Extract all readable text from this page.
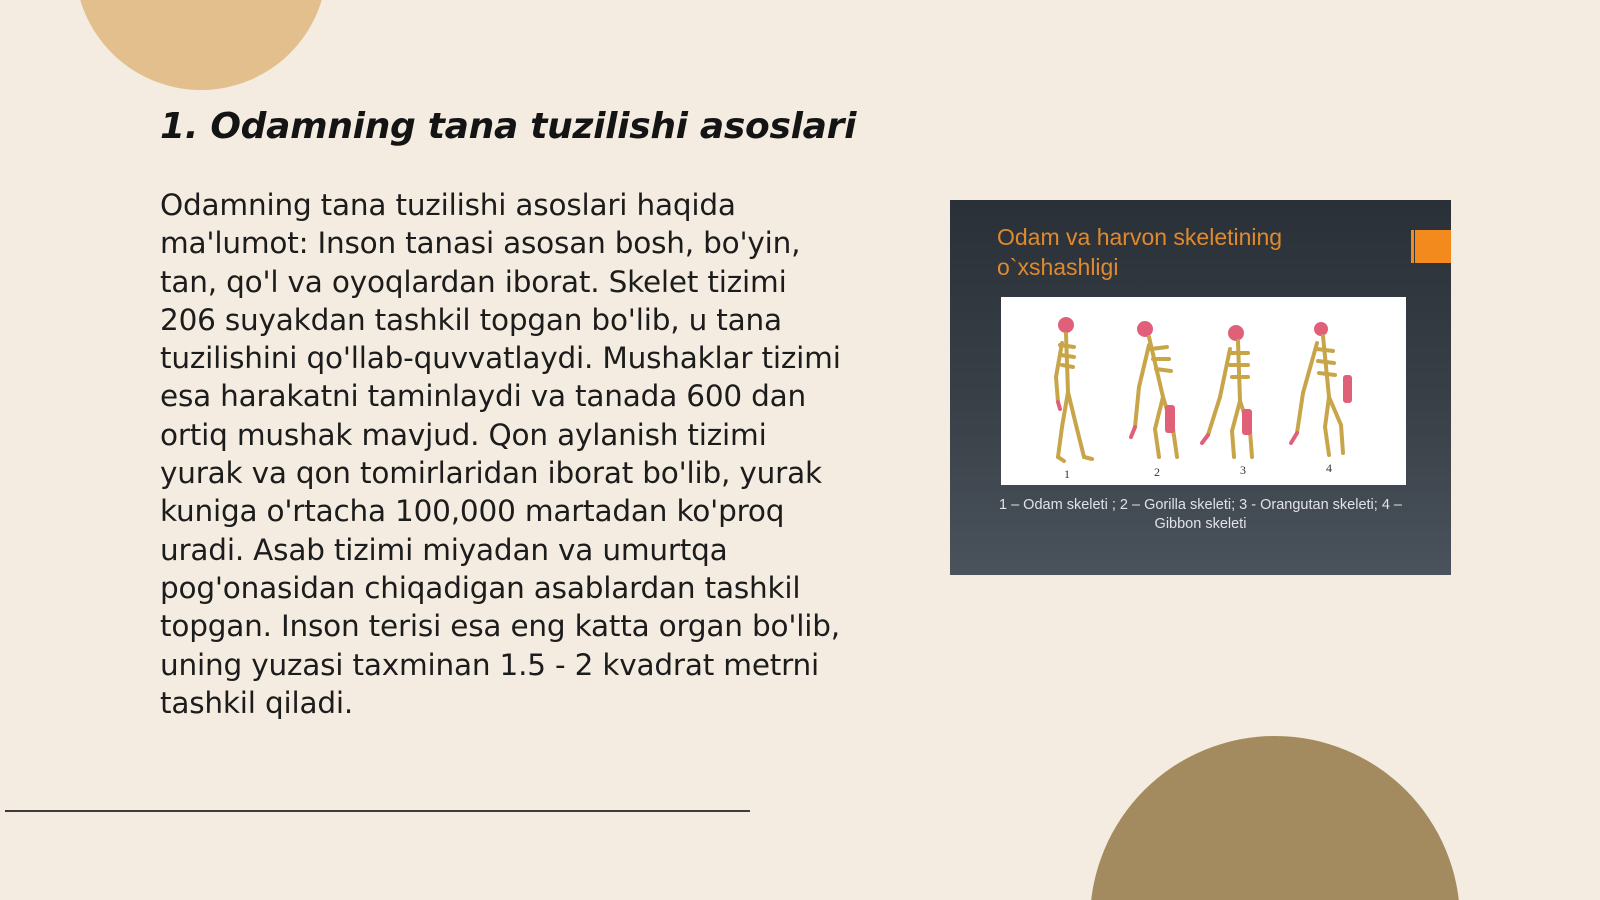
1. Odamning tana tuzilishi asoslari

Odamning tana tuzilishi asoslari haqida ma'lumot: Inson tanasi asosan bosh, bo'yin, tan, qo'l va oyoqlardan iborat. Skelet tizimi 206 suyakdan tashkil topgan bo'lib, u tana tuzilishini qo'llab-quvvatlaydi. Mushaklar tizimi esa harakatni taminlaydi va tanada 600 dan ortiq mushak mavjud. Qon aylanish tizimi yurak va qon tomirlaridan iborat bo'lib, yurak kuniga o'rtacha 100,000 martadan ko'proq uradi. Asab tizimi miyadan va umurtqa pog'onasidan chiqadigan asablardan tashkil topgan. Inson terisi esa eng katta organ bo'lib, uning yuzasi taxminan 1.5 - 2 kvadrat metrni tashkil qiladi.

Odam va harvon skeletining o`xshashligi

1	2	3	4

1 – Odam skeleti ; 2 – Gorilla skeleti; 3 - Orangutan skeleti; 4 – Gibbon skeleti
